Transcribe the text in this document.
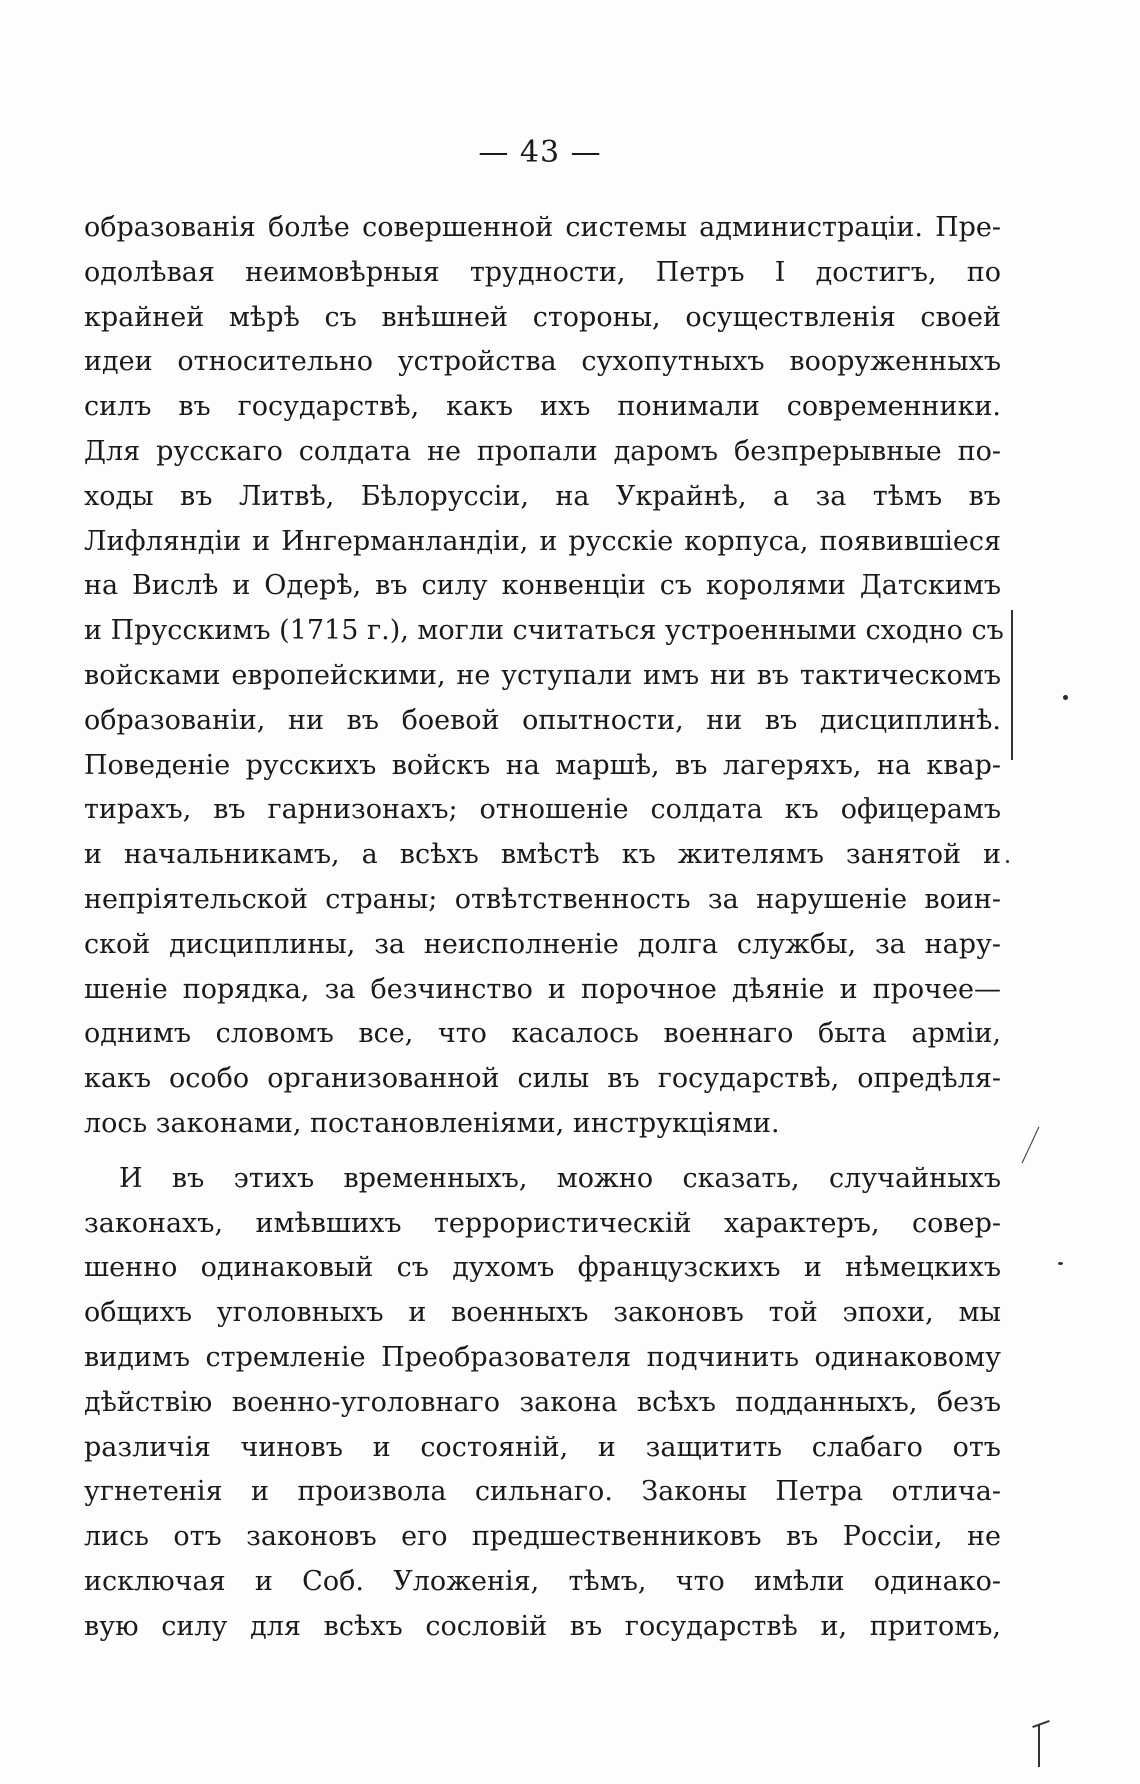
— 43 —
образованія болѣе совершенной системы администраціи. Пре-
одолѣвая неимовѣрныя трудности, Петръ I достигъ, по
крайней мѣрѣ съ внѣшней стороны, осуществленія своей
идеи относительно устройства сухопутныхъ вооруженныхъ
силъ въ государствѣ, какъ ихъ понимали современники.
Для русскаго солдата не пропали даромъ безпрерывные по-
ходы въ Литвѣ, Бѣлоруссіи, на Украйнѣ, а за тѣмъ въ
Лифляндіи и Ингерманландіи, и русскіе корпуса, появившіеся
на Вислѣ и Одерѣ, въ силу конвенціи съ королями Датскимъ
и Прусскимъ (1715 г.), могли считаться устроенными сходно съ
войсками европейскими, не уступали имъ ни въ тактическомъ
образованіи, ни въ боевой опытности, ни въ дисциплинѣ.
Поведеніе русскихъ войскъ на маршѣ, въ лагеряхъ, на квар-
тирахъ, въ гарнизонахъ; отношеніе солдата къ офицерамъ
и начальникамъ, а всѣхъ вмѣстѣ къ жителямъ занятой и
непріятельской страны; отвѣтственность за нарушеніе воин-
ской дисциплины, за неисполненіе долга службы, за нару-
шеніе порядка, за безчинство и порочное дѣяніе и прочее—
однимъ словомъ все, что касалось военнаго быта арміи,
какъ особо организованной силы въ государствѣ, опредѣля-
лось законами, постановленіями, инструкціями.
И въ этихъ временныхъ, можно сказать, случайныхъ
законахъ, имѣвшихъ террористическій характеръ, совер-
шенно одинаковый съ духомъ французскихъ и нѣмецкихъ
общихъ уголовныхъ и военныхъ законовъ той эпохи, мы
видимъ стремленіе Преобразователя подчинить одинаковому
дѣйствію военно-уголовнаго закона всѣхъ подданныхъ, безъ
различія чиновъ и состояній, и защитить слабаго отъ
угнетенія и произвола сильнаго. Законы Петра отлича-
лись отъ законовъ его предшественниковъ въ Россіи, не
исключая и Соб. Уложенія, тѣмъ, что имѣли одинако-
вую силу для всѣхъ сословій въ государствѣ и, притомъ,
